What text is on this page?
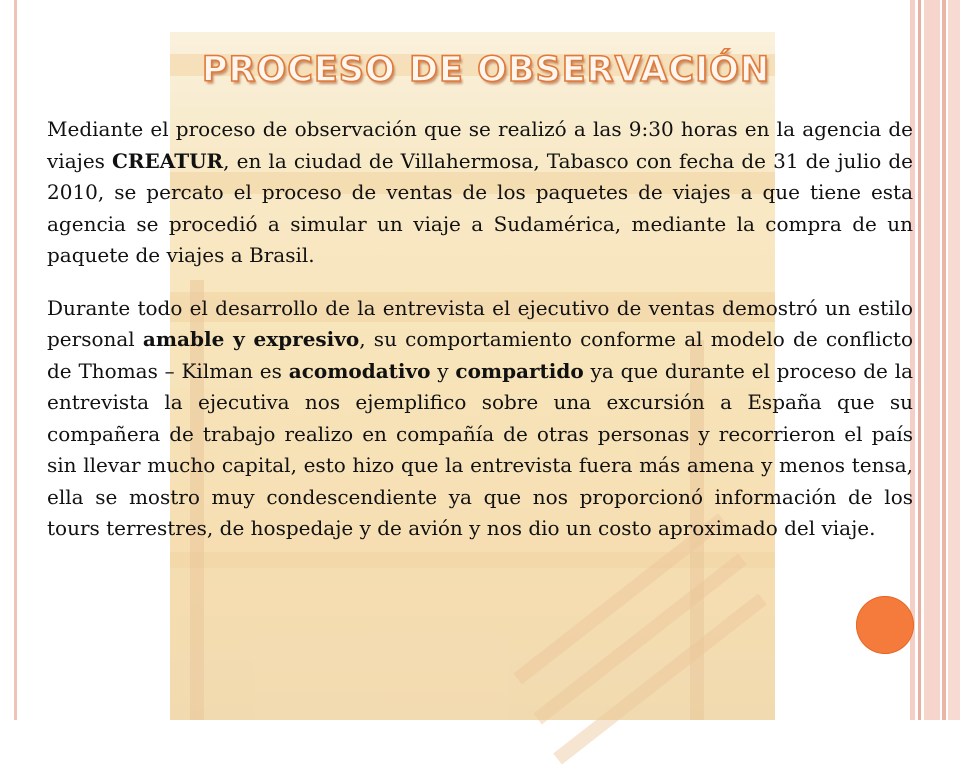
PROCESO DE OBSERVACIÓN

Mediante el proceso de observación que se realizó a las 9:30 horas en la agencia de viajes CREATUR, en la ciudad de Villahermosa, Tabasco con fecha de 31 de julio de 2010, se percato el proceso de ventas de los paquetes de viajes a que tiene esta agencia se procedió a simular un viaje a Sudamérica, mediante la compra de un paquete de viajes a Brasil.

Durante todo el desarrollo de la entrevista el ejecutivo de ventas demostró un estilo personal amable y expresivo, su comportamiento conforme al modelo de conflicto de Thomas – Kilman es acomodativo y compartido ya que durante el proceso de la entrevista la ejecutiva nos ejemplifico sobre una excursión a España que su compañera de trabajo realizo en compañía de otras personas y recorrieron el país sin llevar mucho capital, esto hizo que la entrevista fuera más amena y menos tensa, ella se mostro muy condescendiente ya que nos proporcionó información de los tours terrestres, de hospedaje y de avión y nos dio un costo aproximado del viaje.
